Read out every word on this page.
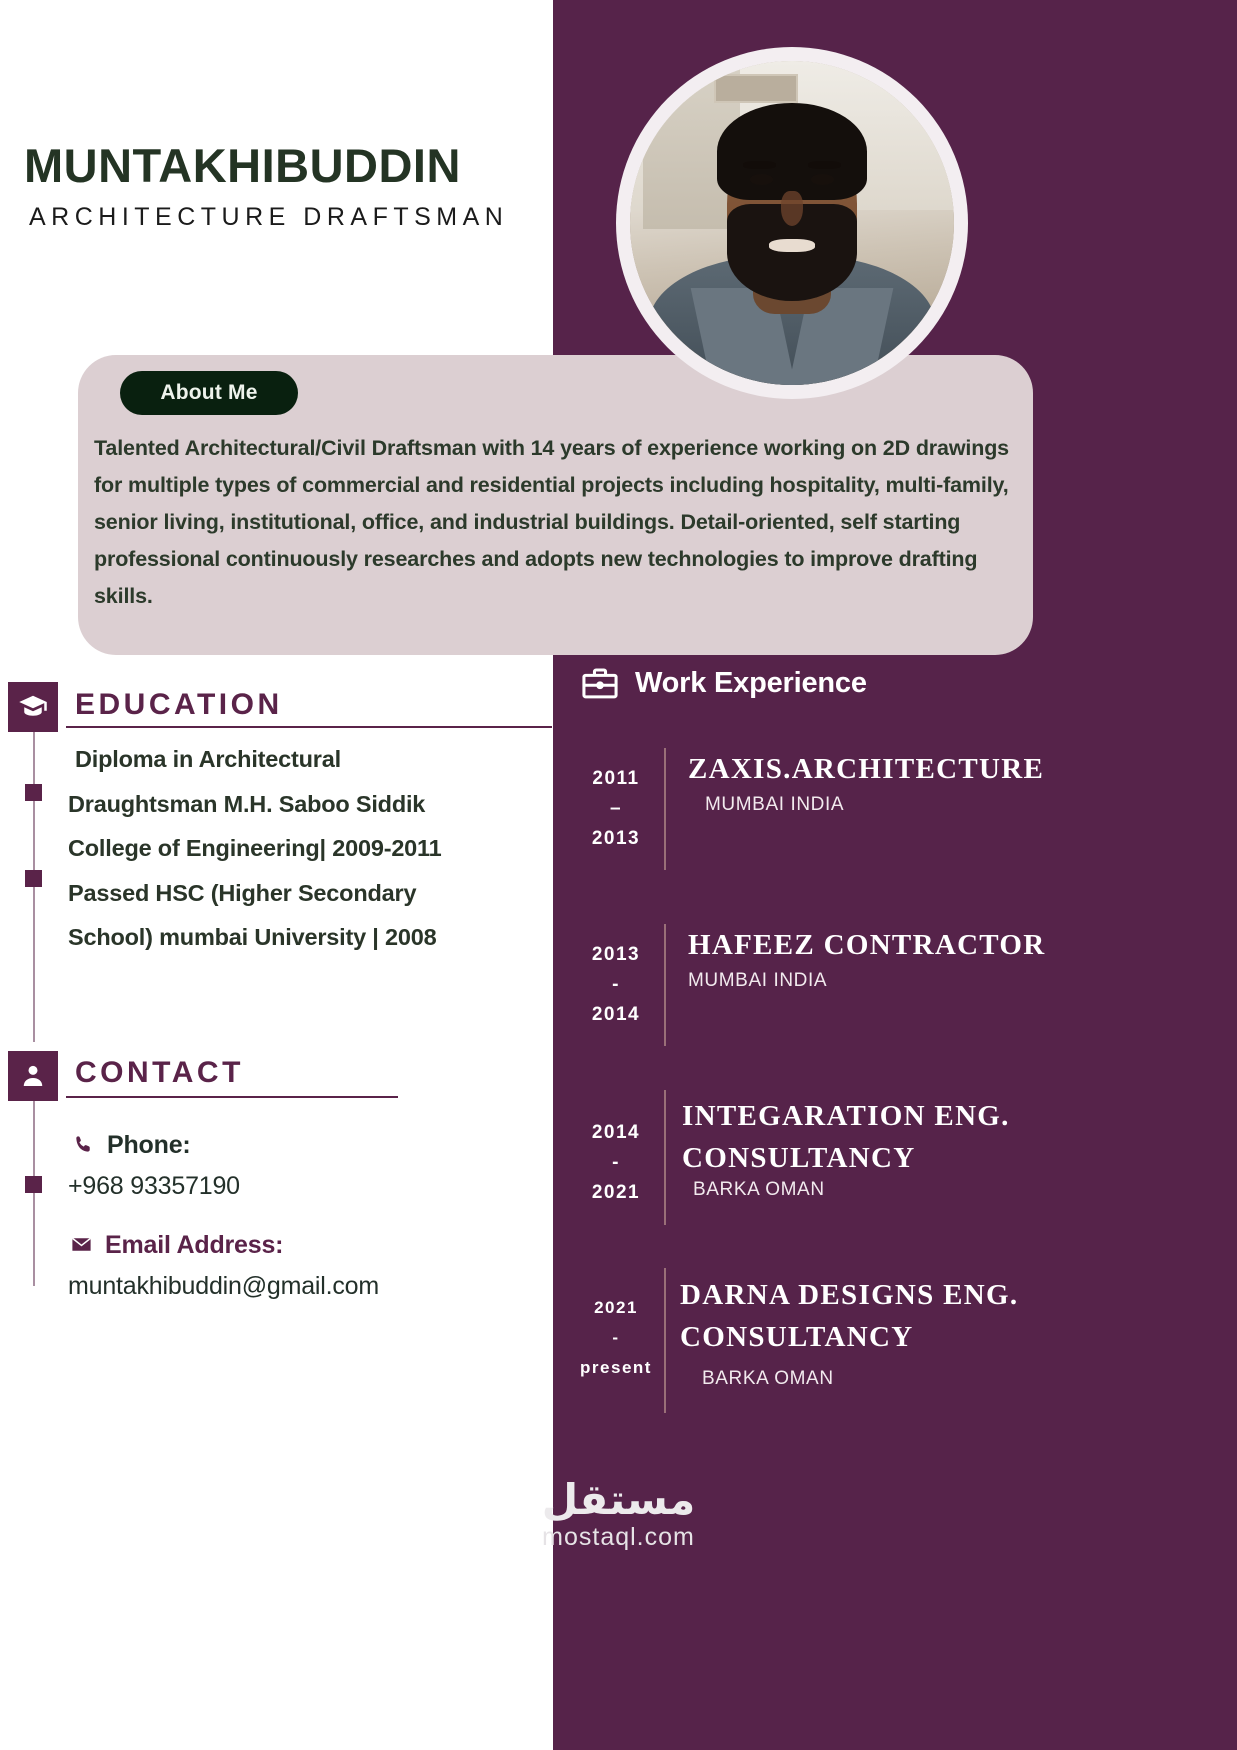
MUNTAKHIBUDDIN
ARCHITECTURE DRAFTSMAN
About Me
Talented Architectural/Civil Draftsman with 14 years of experience working on 2D drawings for multiple types of commercial and residential projects including hospitality, multi-family, senior living, institutional, office, and industrial buildings. Detail-oriented, self starting professional continuously researches and adopts new technologies to improve drafting skills.
EDUCATION
Diploma in Architectural
Draughtsman M.H. Saboo Siddik
College of Engineering| 2009-2011
Passed HSC (Higher Secondary
School) mumbai University | 2008
CONTACT
Phone:
+968 93357190
Email Address:
muntakhibuddin@gmail.com
Work Experience
2011
–
2013
ZAXIS.ARCHITECTURE
MUMBAI INDIA
2013
-
2014
HAFEEZ CONTRACTOR
MUMBAI INDIA
2014
-
2021
INTEGARATION ENG. CONSULTANCY
BARKA OMAN
2021
-
present
DARNA DESIGNS ENG. CONSULTANCY
BARKA OMAN
مستقل
mostaql.com
